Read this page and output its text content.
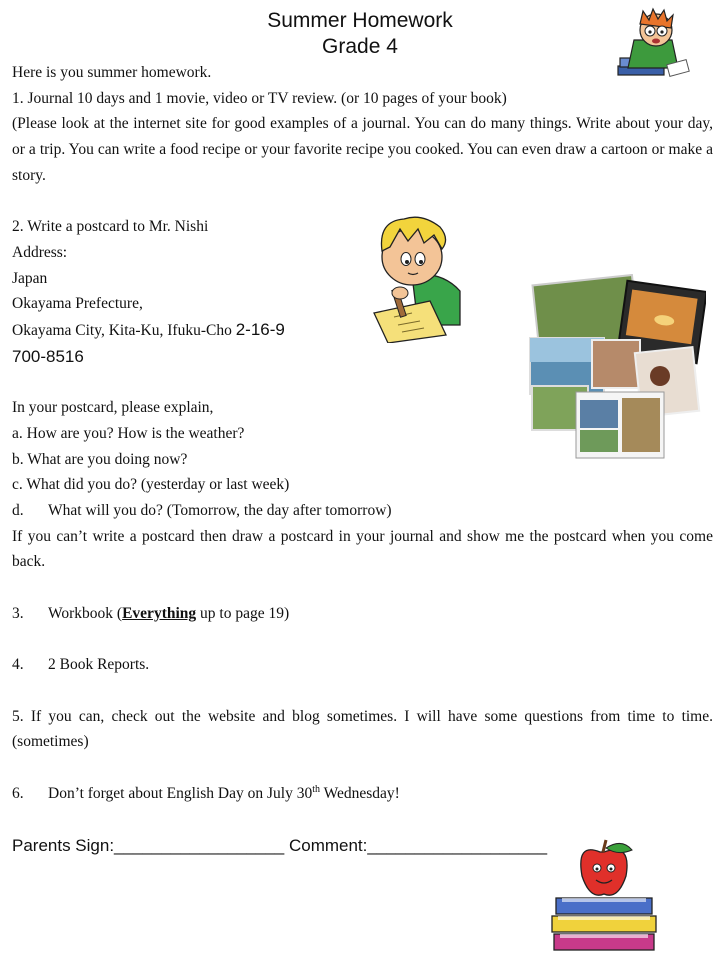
Summer Homework
Grade 4

Here is you summer homework.

1. Journal 10 days and 1 movie, video or TV review. (or 10 pages of your book)

(Please look at the internet site for good examples of a journal. You can do many things. Write about your day, or a trip. You can write a food recipe or your favorite recipe you cooked. You can even draw a cartoon or make a story.

2. Write a postcard to Mr. Nishi

Address:

Japan

Okayama Prefecture,

Okayama City, Kita-Ku, Ifuku-Cho 2-16-9

700-8516

In your postcard, please explain,

a. How are you? How is the weather?

b. What are you doing now?

c. What did you do? (yesterday or last week)

d. What will you do? (Tomorrow, the day after tomorrow)

If you can’t write a postcard then draw a postcard in your journal and show me the postcard when you come back.

3. Workbook (Everything up to page 19)

4. 2 Book Reports.

5. If you can, check out the website and blog sometimes. I will have some questions from time to time. (sometimes)

6. Don’t forget about English Day on July 30th Wednesday!

Parents Sign:__________________ Comment:___________________
